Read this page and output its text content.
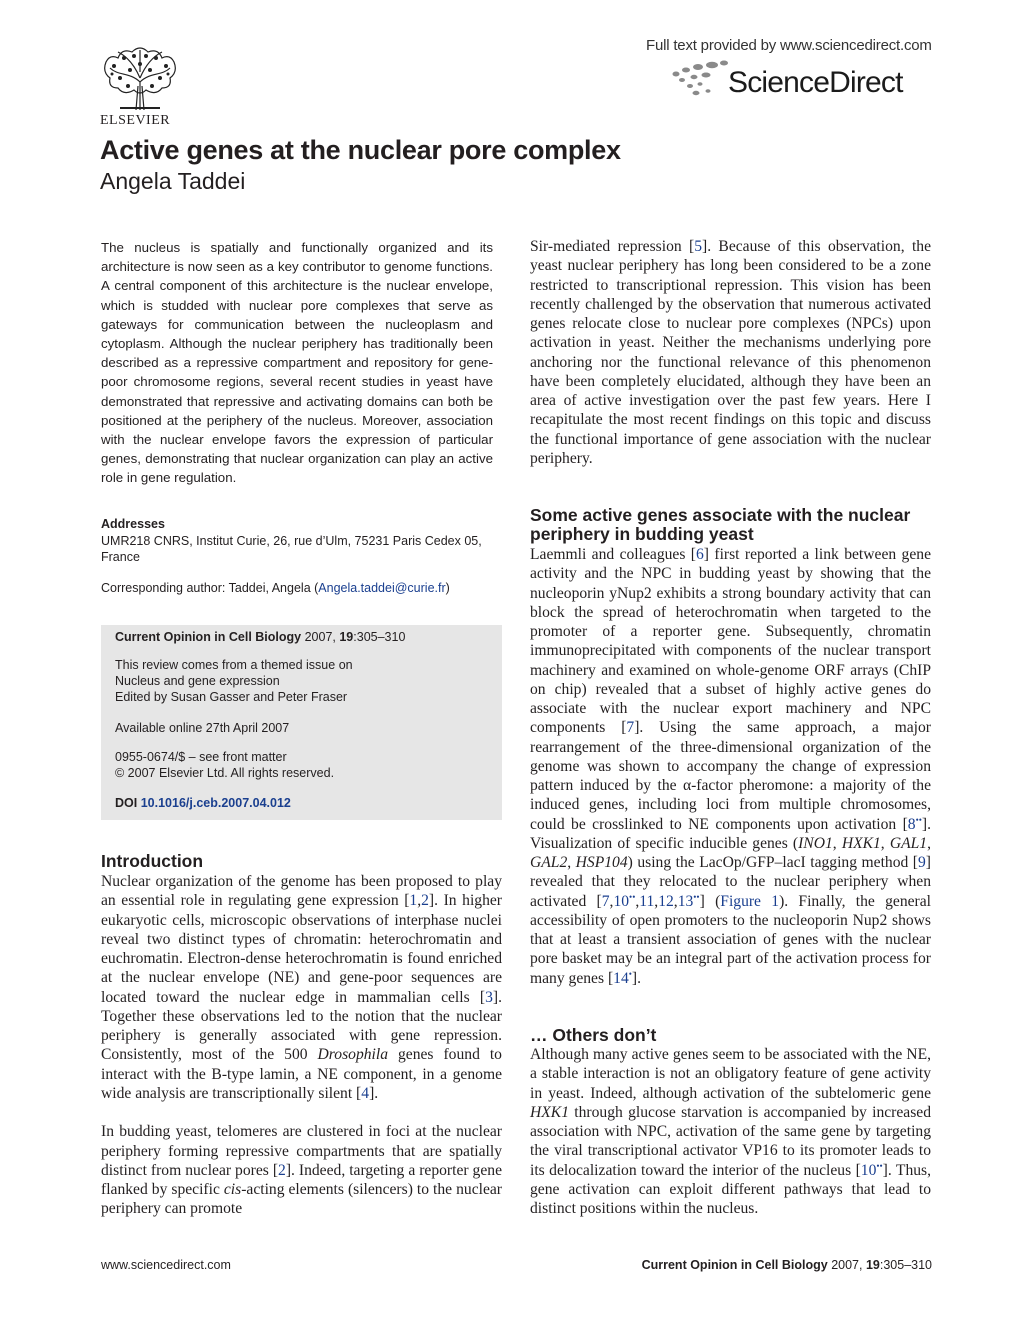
ELSEVIER
Full text provided by www.sciencedirect.com
ScienceDirect
Active genes at the nuclear pore complex
Angela Taddei
The nucleus is spatially and functionally organized and its architecture is now seen as a key contributor to genome functions. A central component of this architecture is the nuclear envelope, which is studded with nuclear pore complexes that serve as gateways for communication between the nucleoplasm and cytoplasm. Although the nuclear periphery has traditionally been described as a repressive compartment and repository for gene-poor chromosome regions, several recent studies in yeast have demonstrated that repressive and activating domains can both be positioned at the periphery of the nucleus. Moreover, association with the nuclear envelope favors the expression of particular genes, demonstrating that nuclear organization can play an active role in gene regulation.
Addresses
UMR218 CNRS, Institut Curie, 26, rue d’Ulm, 75231 Paris Cedex 05, France
Corresponding author: Taddei, Angela (Angela.taddei@curie.fr)
Current Opinion in Cell Biology 2007, 19:305–310
This review comes from a themed issue on
Nucleus and gene expression
Edited by Susan Gasser and Peter Fraser
Available online 27th April 2007
0955-0674/$ – see front matter
© 2007 Elsevier Ltd. All rights reserved.
DOI 10.1016/j.ceb.2007.04.012
Introduction
Nuclear organization of the genome has been proposed to play an essential role in regulating gene expression [1,2]. In higher eukaryotic cells, microscopic observations of interphase nuclei reveal two distinct types of chromatin: heterochromatin and euchromatin. Electron-dense heterochromatin is found enriched at the nuclear envelope (NE) and gene-poor sequences are located toward the nuclear edge in mammalian cells [3]. Together these observations led to the notion that the nuclear periphery is generally associated with gene repression. Consistently, most of the 500 Drosophila genes found to interact with the B-type lamin, a NE component, in a genome wide analysis are transcriptionally silent [4].
In budding yeast, telomeres are clustered in foci at the nuclear periphery forming repressive compartments that are spatially distinct from nuclear pores [2]. Indeed, targeting a reporter gene flanked by specific cis-acting elements (silencers) to the nuclear periphery can promote
Sir-mediated repression [5]. Because of this observation, the yeast nuclear periphery has long been considered to be a zone restricted to transcriptional repression. This vision has been recently challenged by the observation that numerous activated genes relocate close to nuclear pore complexes (NPCs) upon activation in yeast. Neither the mechanisms underlying pore anchoring nor the functional relevance of this phenomenon have been completely elucidated, although they have been an area of active investigation over the past few years. Here I recapitulate the most recent findings on this topic and discuss the functional importance of gene association with the nuclear periphery.
Some active genes associate with the nuclear periphery in budding yeast
Laemmli and colleagues [6] first reported a link between gene activity and the NPC in budding yeast by showing that the nucleoporin yNup2 exhibits a strong boundary activity that can block the spread of heterochromatin when targeted to the promoter of a reporter gene. Subsequently, chromatin immunoprecipitated with components of the nuclear transport machinery and examined on whole-genome ORF arrays (ChIP on chip) revealed that a subset of highly active genes do associate with the nuclear export machinery and NPC components [7]. Using the same approach, a major rearrangement of the three-dimensional organization of the genome was shown to accompany the change of expression pattern induced by the α-factor pheromone: a majority of the induced genes, including loci from multiple chromosomes, could be crosslinked to NE components upon activation [8••]. Visualization of specific inducible genes (INO1, HXK1, GAL1, GAL2, HSP104) using the LacOp/GFP–lacI tagging method [9] revealed that they relocated to the nuclear periphery when activated [7,10••,11,12,13••] (Figure 1). Finally, the general accessibility of open promoters to the nucleoporin Nup2 shows that at least a transient association of genes with the nuclear pore basket may be an integral part of the activation process for many genes [14•].
… Others don’t
Although many active genes seem to be associated with the NE, a stable interaction is not an obligatory feature of gene activity in yeast. Indeed, although activation of the subtelomeric gene HXK1 through glucose starvation is accompanied by increased association with NPC, activation of the same gene by targeting the viral transcriptional activator VP16 to its promoter leads to its delocalization toward the interior of the nucleus [10••]. Thus, gene activation can exploit different pathways that lead to distinct positions within the nucleus.
www.sciencedirect.com	Current Opinion in Cell Biology 2007, 19:305–310
